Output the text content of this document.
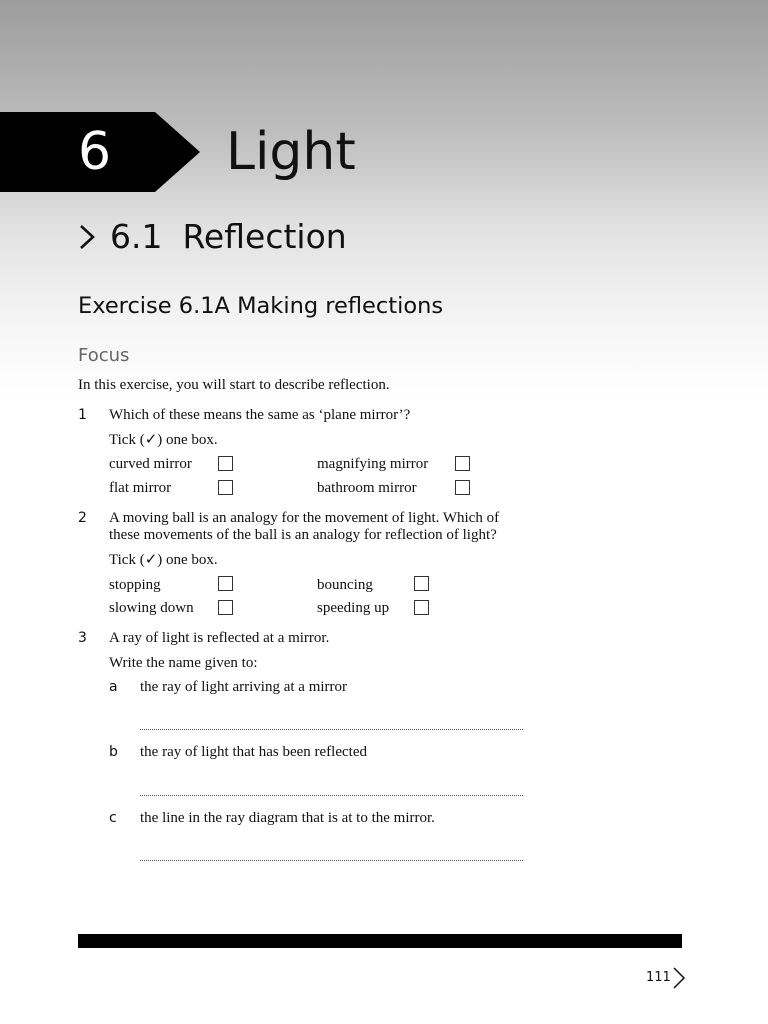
6	Light
6.1 Reflection
Exercise 6.1A Making reflections
Focus
In this exercise, you will start to describe reflection.
1 Which of these means the same as ‘plane mirror’?
Tick (✓) one box.
curved mirror	magnifying mirror
flat mirror	bathroom mirror
2 A moving ball is an analogy for the movement of light. Which of
these movements of the ball is an analogy for reflection of light?
Tick (✓) one box.
stopping	bouncing
slowing down	speeding up
3 A ray of light is reflected at a mirror.
Write the name given to:
a the ray of light arriving at a mirror
b the ray of light that has been reflected
c the line in the ray diagram that is at to the mirror.
111
